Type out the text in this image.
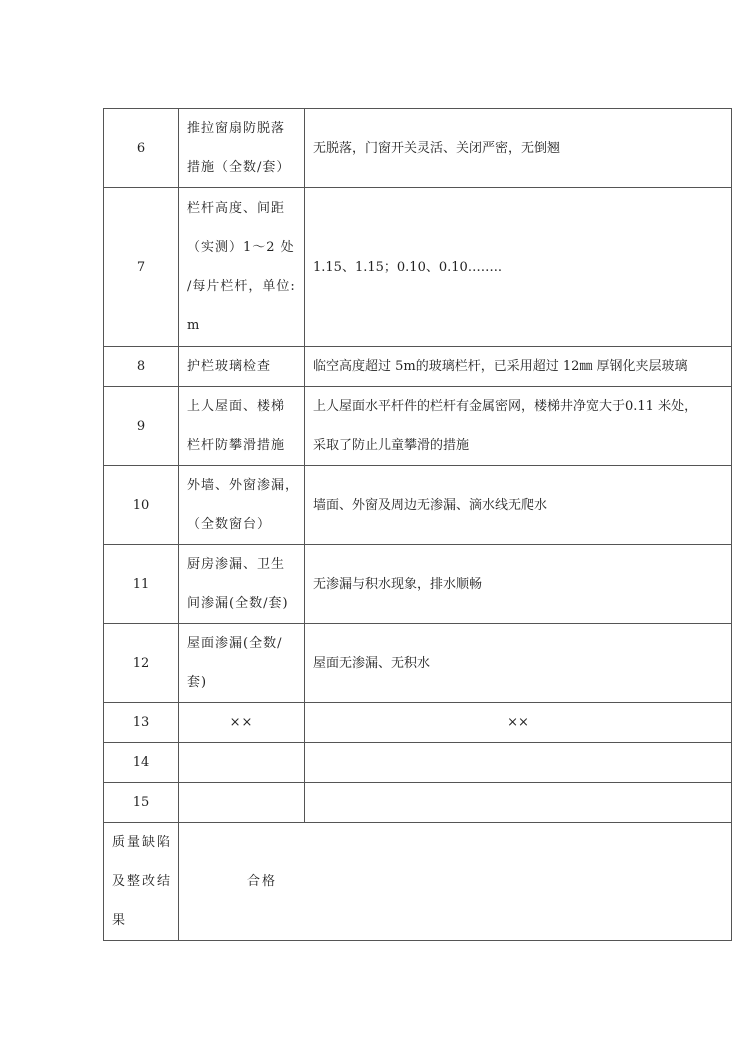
6	推拉窗扇防脱落
措施（全数/套）	无脱落，门窗开关灵活、关闭严密，无倒翘

7	栏杆高度、间距
（实测）1～2 处
/每片栏杆，单位:
m	1.15、1.15；0.10、0.10……..

8	护栏玻璃检查	临空高度超过 5m的玻璃栏杆，已采用超过 12㎜ 厚钢化夹层玻璃

9	上人屋面、楼梯
栏杆防攀滑措施	上人屋面水平杆件的栏杆有金属密网，楼梯井净宽大于0.11 米处，
采取了防止儿童攀滑的措施

10	外墙、外窗渗漏，
（全数窗台）	墙面、外窗及周边无渗漏、滴水线无爬水

11	厨房渗漏、卫生
间渗漏(全数/套)	无渗漏与积水现象，排水顺畅

12	屋面渗漏(全数/
套)	屋面无渗漏、无积水

13	××	××

14		
15		

质量缺陷
及整改结
果	合格	
